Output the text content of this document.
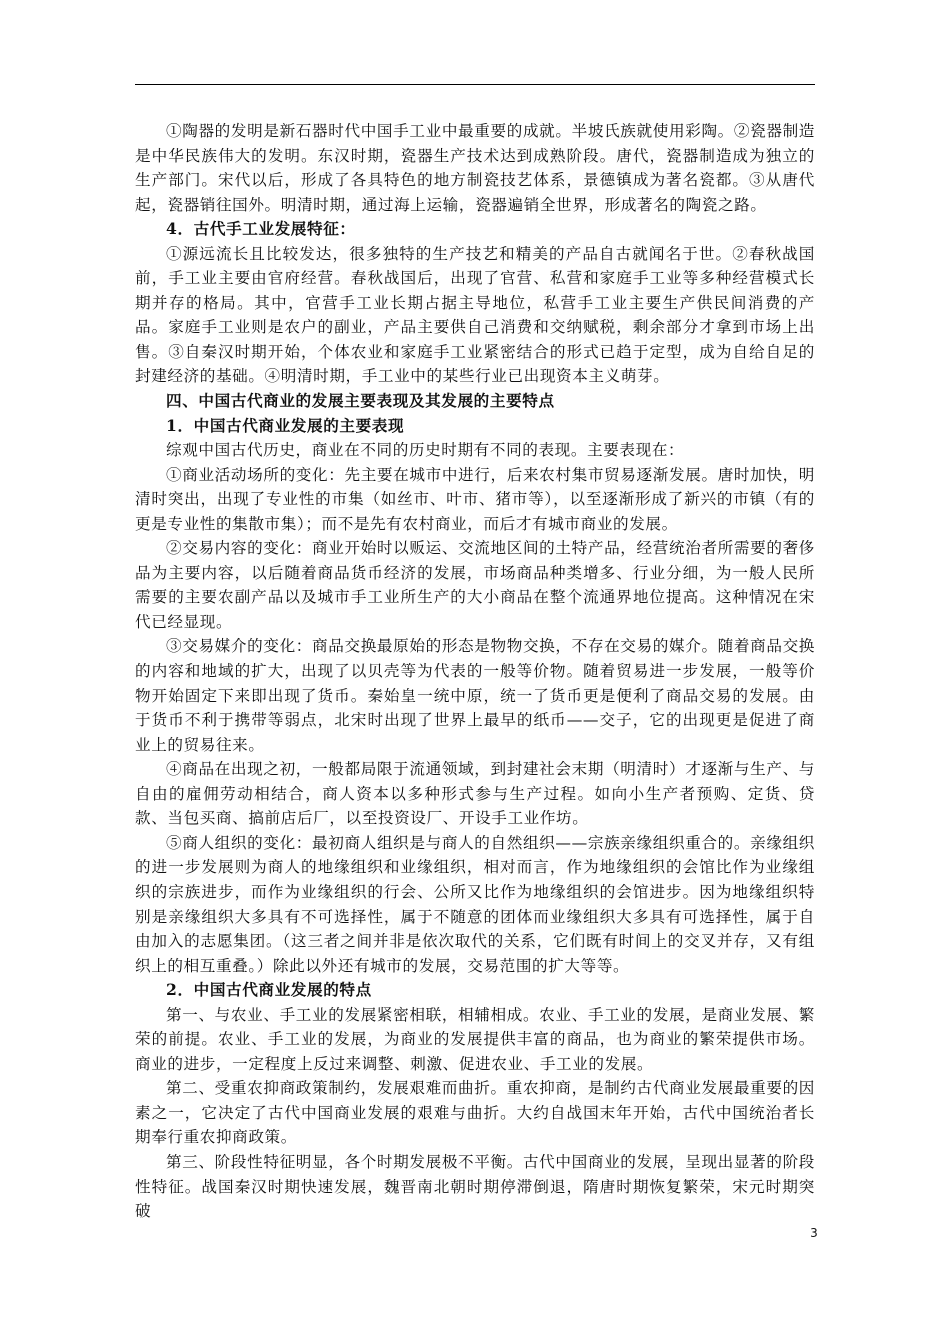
①陶器的发明是新石器时代中国手工业中最重要的成就。半坡氏族就使用彩陶。②瓷器制造是中华民族伟大的发明。东汉时期，瓷器生产技术达到成熟阶段。唐代，瓷器制造成为独立的生产部门。宋代以后，形成了各具特色的地方制瓷技艺体系，景德镇成为著名瓷都。③从唐代起，瓷器销往国外。明清时期，通过海上运输，瓷器遍销全世界，形成著名的陶瓷之路。

4．古代手工业发展特征：

①源远流长且比较发达，很多独特的生产技艺和精美的产品自古就闻名于世。②春秋战国前，手工业主要由官府经营。春秋战国后，出现了官营、私营和家庭手工业等多种经营模式长期并存的格局。其中，官营手工业长期占据主导地位，私营手工业主要生产供民间消费的产品。家庭手工业则是农户的副业，产品主要供自己消费和交纳赋税，剩余部分才拿到市场上出售。③自秦汉时期开始，个体农业和家庭手工业紧密结合的形式已趋于定型，成为自给自足的封建经济的基础。④明清时期，手工业中的某些行业已出现资本主义萌芽。

四、中国古代商业的发展主要表现及其发展的主要特点

1．中国古代商业发展的主要表现

综观中国古代历史，商业在不同的历史时期有不同的表现。主要表现在：

①商业活动场所的变化：先主要在城市中进行，后来农村集市贸易逐渐发展。唐时加快，明清时突出，出现了专业性的市集（如丝市、叶市、猪市等），以至逐渐形成了新兴的市镇（有的更是专业性的集散市集）；而不是先有农村商业，而后才有城市商业的发展。

②交易内容的变化：商业开始时以贩运、交流地区间的土特产品，经营统治者所需要的奢侈品为主要内容，以后随着商品货币经济的发展，市场商品种类增多、行业分细，为一般人民所需要的主要农副产品以及城市手工业所生产的大小商品在整个流通界地位提高。这种情况在宋代已经显现。

③交易媒介的变化：商品交换最原始的形态是物物交换，不存在交易的媒介。随着商品交换的内容和地域的扩大，出现了以贝壳等为代表的一般等价物。随着贸易进一步发展，一般等价物开始固定下来即出现了货币。秦始皇一统中原，统一了货币更是便利了商品交易的发展。由于货币不利于携带等弱点，北宋时出现了世界上最早的纸币——交子，它的出现更是促进了商业上的贸易往来。

④商品在出现之初，一般都局限于流通领域，到封建社会末期（明清时）才逐渐与生产、与自由的雇佣劳动相结合，商人资本以多种形式参与生产过程。如向小生产者预购、定货、贷款、当包买商、搞前店后厂，以至投资设厂、开设手工业作坊。

⑤商人组织的变化：最初商人组织是与商人的自然组织——宗族亲缘组织重合的。亲缘组织的进一步发展则为商人的地缘组织和业缘组织，相对而言，作为地缘组织的会馆比作为业缘组织的宗族进步，而作为业缘组织的行会、公所又比作为地缘组织的会馆进步。因为地缘组织特别是亲缘组织大多具有不可选择性，属于不随意的团体而业缘组织大多具有可选择性，属于自由加入的志愿集团。（这三者之间并非是依次取代的关系，它们既有时间上的交叉并存，又有组织上的相互重叠。）除此以外还有城市的发展，交易范围的扩大等等。

2．中国古代商业发展的特点

第一、与农业、手工业的发展紧密相联，相辅相成。农业、手工业的发展，是商业发展、繁荣的前提。农业、手工业的发展，为商业的发展提供丰富的商品，也为商业的繁荣提供市场。商业的进步，一定程度上反过来调整、刺激、促进农业、手工业的发展。

第二、受重农抑商政策制约，发展艰难而曲折。重农抑商，是制约古代商业发展最重要的因素之一，它决定了古代中国商业发展的艰难与曲折。大约自战国末年开始，古代中国统治者长期奉行重农抑商政策。

第三、阶段性特征明显，各个时期发展极不平衡。古代中国商业的发展，呈现出显著的阶段性特征。战国秦汉时期快速发展，魏晋南北朝时期停滞倒退，隋唐时期恢复繁荣，宋元时期突破

3
